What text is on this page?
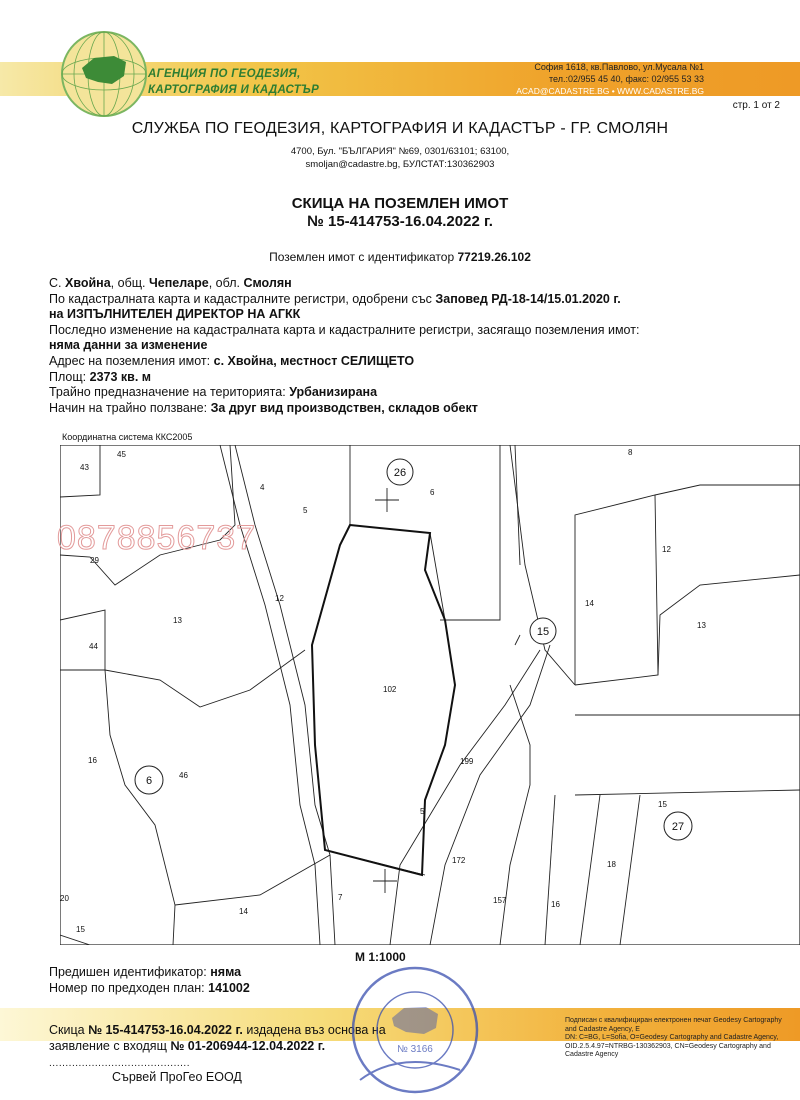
АГЕНЦИЯ ПО ГЕОДЕЗИЯ,
КАРТОГРАФИЯ И КАДАСТЪР
София 1618, кв.Павлово, ул.Мусала №1
тел.:02/955 45 40, факс: 02/955 53 33
ACAD@CADASTRE.BG • WWW.CADASTRE.BG
стр. 1 от 2
СЛУЖБА ПО ГЕОДЕЗИЯ, КАРТОГРАФИЯ И КАДАСТЪР - ГР. СМОЛЯН

4700, Бул. "БЪЛГАРИЯ" №69, 0301/63101; 63100,

smoljan@cadastre.bg, БУЛСТАТ:130362903

СКИЦА НА ПОЗЕМЛЕН ИМОТ
№ 15-414753-16.04.2022 г.
Поземлен имот с идентификатор 77219.26.102
С. Хвойна, общ. Чепеларе, обл. Смолян
По кадастралната карта и кадастралните регистри, одобрени със Заповед РД-18-14/15.01.2020 г.
на ИЗПЪЛНИТЕЛЕН ДИРЕКТОР НА АГКК
Последно изменение на кадастралната карта и кадастралните регистри, засягащо поземления имот:
няма данни за изменение
Адрес на поземления имот: с. Хвойна, местност СЕЛИЩЕТО
Площ: 2373 кв. м
Трайно предназначение на територията: Урбанизирана
Начин на трайно ползване: За друг вид производствен, складов обект
Координатна система ККС2005
26
15
6
27
43
45
4
5
6
8
29
12
12
13
14
13
44
102
16
46
199
15
20
15
14
7
5
172
157	16
18
0878856737
М 1:1000
Предишен идентификатор: няма
Номер по предходен план: 141002
Скица № 15-414753-16.04.2022 г. издадена въз основа на
заявление с входящ № 01-206944-12.04.2022 г.
...........................................
Сървей ПроГео ЕООД
Подписан с квалифициран електронен печат Geodesy Cartography
and Cadastre Agency, E
DN: C=BG, L=Sofia, O=Geodesy Cartography and Cadastre Agency,
OID.2.5.4.97=NTRBG-130362903, CN=Geodesy Cartography and
Cadastre Agency
№ 3166
